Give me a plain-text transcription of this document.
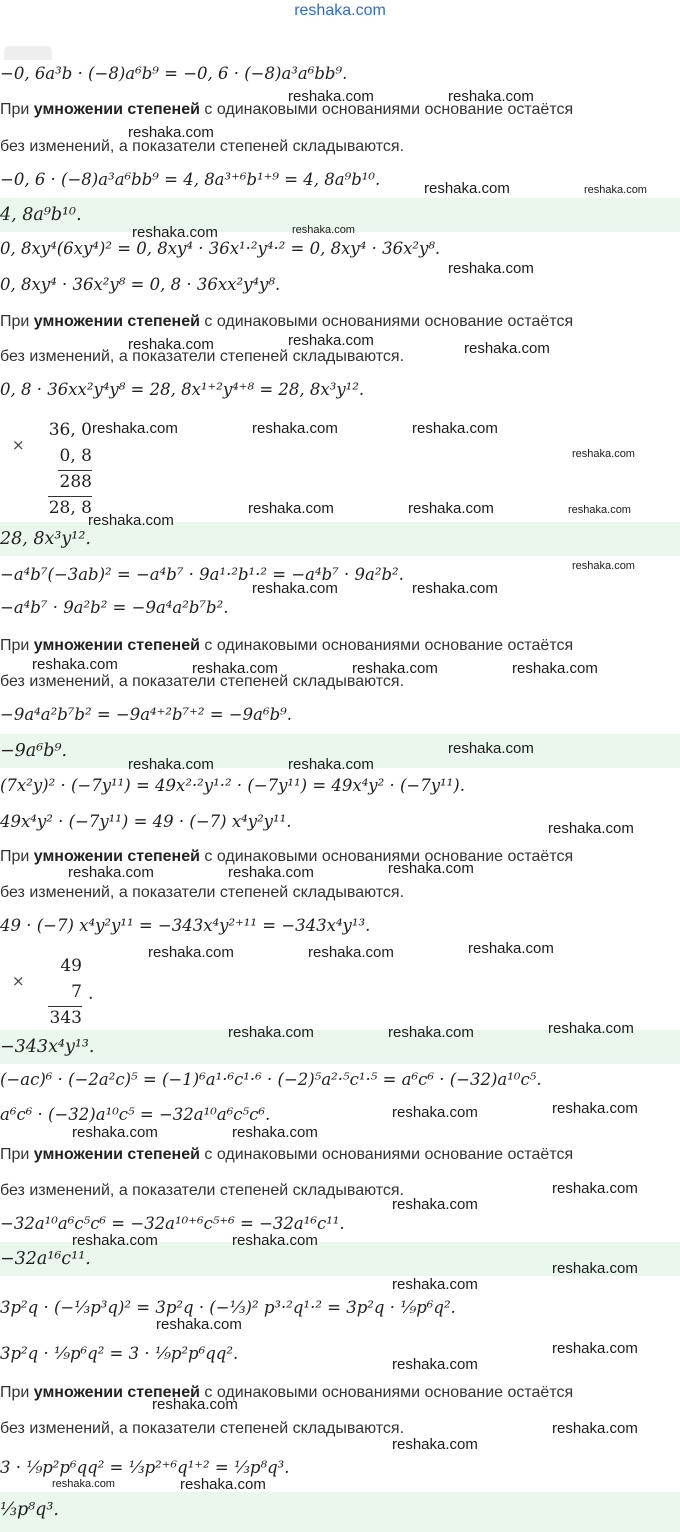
reshaka.com
−0, 6a³b · (−8)a⁶b⁹ = −0, 6 · (−8)a³a⁶bb⁹.
При умножении степеней с одинаковыми основаниями основание остаётся
без изменений, а показатели степеней складываются.
−0, 6 · (−8)a³a⁶bb⁹ = 4, 8a³⁺⁶b¹⁺⁹ = 4, 8a⁹b¹⁰.
4, 8a⁹b¹⁰.
0, 8xy⁴(6xy⁴)² = 0, 8xy⁴ · 36x¹·²y⁴·² = 0, 8xy⁴ · 36x²y⁸.
0, 8xy⁴ · 36x²y⁸ = 0, 8 · 36xx²y⁴y⁸.
При умножении степеней с одинаковыми основаниями основание остаётся
без изменений, а показатели степеней складываются.
0, 8 · 36xx²y⁴y⁸ = 28, 8x¹⁺²y⁴⁺⁸ = 28, 8x³y¹².
×
36, 0
0, 8
288
28, 8
28, 8x³y¹².
−a⁴b⁷(−3ab)² = −a⁴b⁷ · 9a¹·²b¹·² = −a⁴b⁷ · 9a²b².
−a⁴b⁷ · 9a²b² = −9a⁴a²b⁷b².
При умножении степеней с одинаковыми основаниями основание остаётся
без изменений, а показатели степеней складываются.
−9a⁴a²b⁷b² = −9a⁴⁺²b⁷⁺² = −9a⁶b⁹.
−9a⁶b⁹.
(7x²y)² · (−7y¹¹) = 49x²·²y¹·² · (−7y¹¹) = 49x⁴y² · (−7y¹¹).
49x⁴y² · (−7y¹¹) = 49 · (−7) x⁴y²y¹¹.
При умножении степеней с одинаковыми основаниями основание остаётся
без изменений, а показатели степеней складываются.
49 · (−7) x⁴y²y¹¹ = −343x⁴y²⁺¹¹ = −343x⁴y¹³.
×
49
7 .
343
−343x⁴y¹³.
(−ac)⁶ · (−2a²c)⁵ = (−1)⁶a¹·⁶c¹·⁶ · (−2)⁵a²·⁵c¹·⁵ = a⁶c⁶ · (−32)a¹⁰c⁵.
a⁶c⁶ · (−32)a¹⁰c⁵ = −32a¹⁰a⁶c⁵c⁶.
При умножении степеней с одинаковыми основаниями основание остаётся
без изменений, а показатели степеней складываются.
−32a¹⁰a⁶c⁵c⁶ = −32a¹⁰⁺⁶c⁵⁺⁶ = −32a¹⁶c¹¹.
−32a¹⁶c¹¹.
3p²q · (−⅓p³q)² = 3p²q · (−⅓)² p³·²q¹·² = 3p²q · ⅑p⁶q².
3p²q · ⅑p⁶q² = 3 · ⅑p²p⁶qq².
При умножении степеней с одинаковыми основаниями основание остаётся
без изменений, а показатели степеней складываются.
3 · ⅑p²p⁶qq² = ⅓p²⁺⁶q¹⁺² = ⅓p⁸q³.
⅓p⁸q³.
reshaka.com	reshaka.com
reshaka.com
reshaka.com	reshaka.com
reshaka.com	reshaka.com
reshaka.com
reshaka.com	reshaka.com	reshaka.com
reshaka.com	reshaka.com	reshaka.com
reshaka.com
reshaka.com	reshaka.com	reshaka.com
reshaka.com
reshaka.com
reshaka.com	reshaka.com
reshaka.com	reshaka.com	reshaka.com	reshaka.com
reshaka.com
reshaka.com	reshaka.com
reshaka.com
reshaka.com	reshaka.com	reshaka.com
reshaka.com
reshaka.com	reshaka.com
reshaka.com	reshaka.com	reshaka.com
reshaka.com	reshaka.com
reshaka.com	reshaka.com
reshaka.com
reshaka.com
reshaka.com	reshaka.com
reshaka.com
reshaka.com
reshaka.com
reshaka.com
reshaka.com
reshaka.com
reshaka.com
reshaka.com
reshaka.com
reshaka.com
